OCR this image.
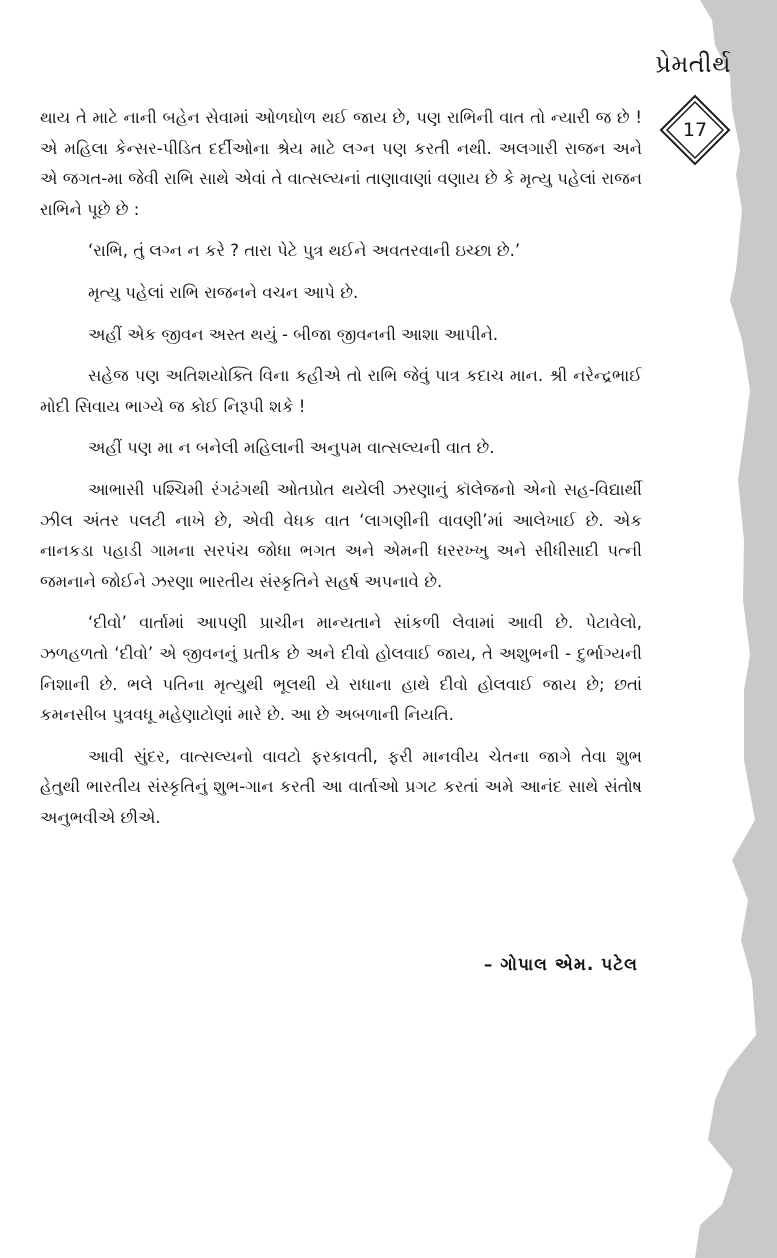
પ્રેમતીર્થ
17

થાય તે માટે નાની બહેન સેવામાં ઓળઘોળ થઈ જાય છે, પણ રાભિની વાત તો ન્યારી જ છે ! એ મહિલા કેન્સર-પીડિત દર્દીઓના શ્રેય માટે લગ્ન પણ કરતી નથી. અલગારી રાજન અને એ જગત-મા જેવી રાભિ સાથે એવાં તે વાત્સલ્યનાં તાણાવાણાં વણાય છે કે મૃત્યુ પહેલાં રાજન રાભિને પૂછે છે :

‘રાભિ, તું લગ્ન ન કરે ? તારા પેટે પુત્ર થઈને અવતરવાની ઇચ્છા છે.’

મૃત્યુ પહેલાં રાભિ રાજનને વચન આપે છે.

અહીં એક જીવન અસ્ત થયું - બીજા જીવનની આશા આપીને.

સહેજ પણ અતિશયોક્તિ વિના કહીએ તો રાભિ જેવું પાત્ર કદાચ માન. શ્રી નરેન્દ્રભાઈ મોદી સિવાય ભાગ્યે જ કોઈ નિરૂપી શકે !

અહીં પણ મા ન બનેલી મહિલાની અનુપમ વાત્સલ્યની વાત છે.

આભાસી પશ્ચિમી રંગઢંગથી ઓતપ્રોત થયેલી ઝરણાનું કૉલેજનો એનો સહ-વિદ્યાર્થી ઝીલ અંતર પલટી નાખે છે, એવી વેધક વાત ‘લાગણીની વાવણી’માં આલેખાઈ છે. એક નાનકડા પહાડી ગામના સરપંચ જોધા ભગત અને એમની ધરરખ્ખુ અને સીધીસાદી પત્ની જમનાને જોઈને ઝરણા ભારતીય સંસ્કૃતિને સહર્ષ અપનાવે છે.

‘દીવો’ વાર્તામાં આપણી પ્રાચીન માન્યતાને સાંકળી લેવામાં આવી છે. પેટાવેલો, ઝળહળતો ‘દીવો’ એ જીવનનું પ્રતીક છે અને દીવો હોલવાઈ જાય, તે અશુભની - દુર્ભાગ્યની નિશાની છે. ભલે પતિના મૃત્યુથી ભૂલથી યે રાધાના હાથે દીવો હોલવાઈ જાય છે; છતાં કમનસીબ પુત્રવધૂ મહેણાટોણાં મારે છે. આ છે અબળાની નિયતિ.

આવી સુંદર, વાત્સલ્યનો વાવટો ફરકાવતી, ફરી માનવીય ચેતના જાગે તેવા શુભ હેતુથી ભારતીય સંસ્કૃતિનું શુભ-ગાન કરતી આ વાર્તાઓ પ્રગટ કરતાં અમે આનંદ સાથે સંતોષ અનુભવીએ છીએ.

– ગોપાલ એમ. પટેલ
